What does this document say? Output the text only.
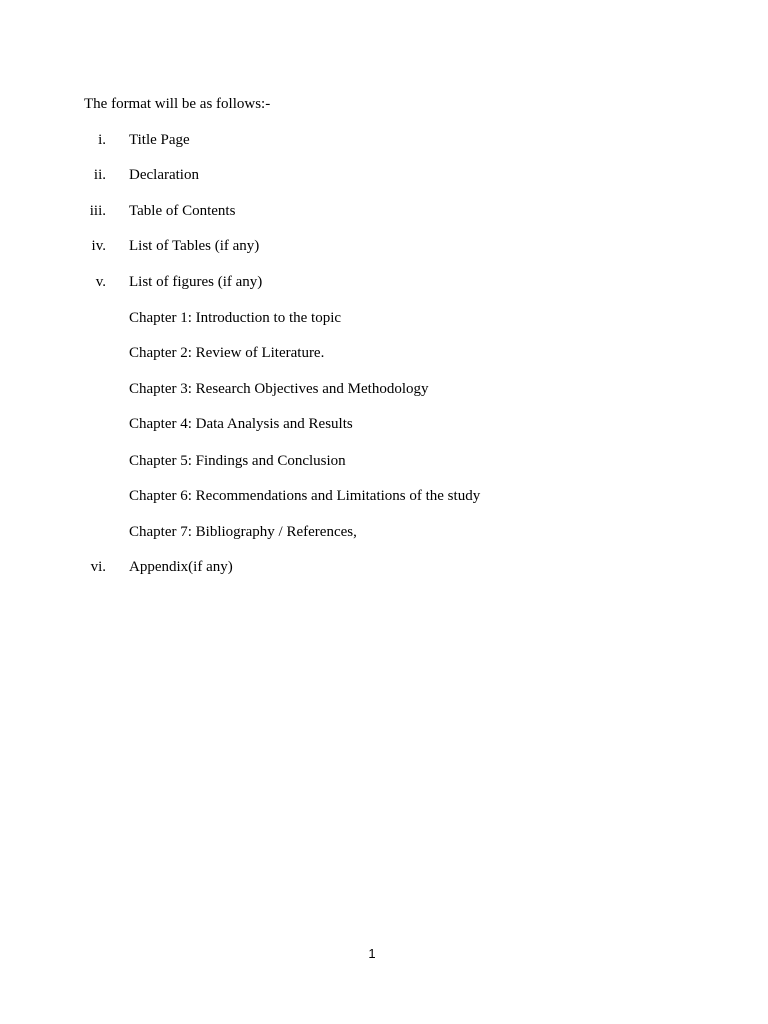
The format will be as follows:-
i. Title Page
ii. Declaration
iii. Table of Contents
iv. List of Tables (if any)
v. List of figures (if any)
Chapter 1: Introduction to the topic
Chapter 2: Review of Literature.
Chapter 3: Research Objectives and Methodology
Chapter 4: Data Analysis and Results
Chapter 5: Findings and Conclusion
Chapter 6: Recommendations and Limitations of the study
Chapter 7: Bibliography / References,
vi. Appendix(if any)
1
